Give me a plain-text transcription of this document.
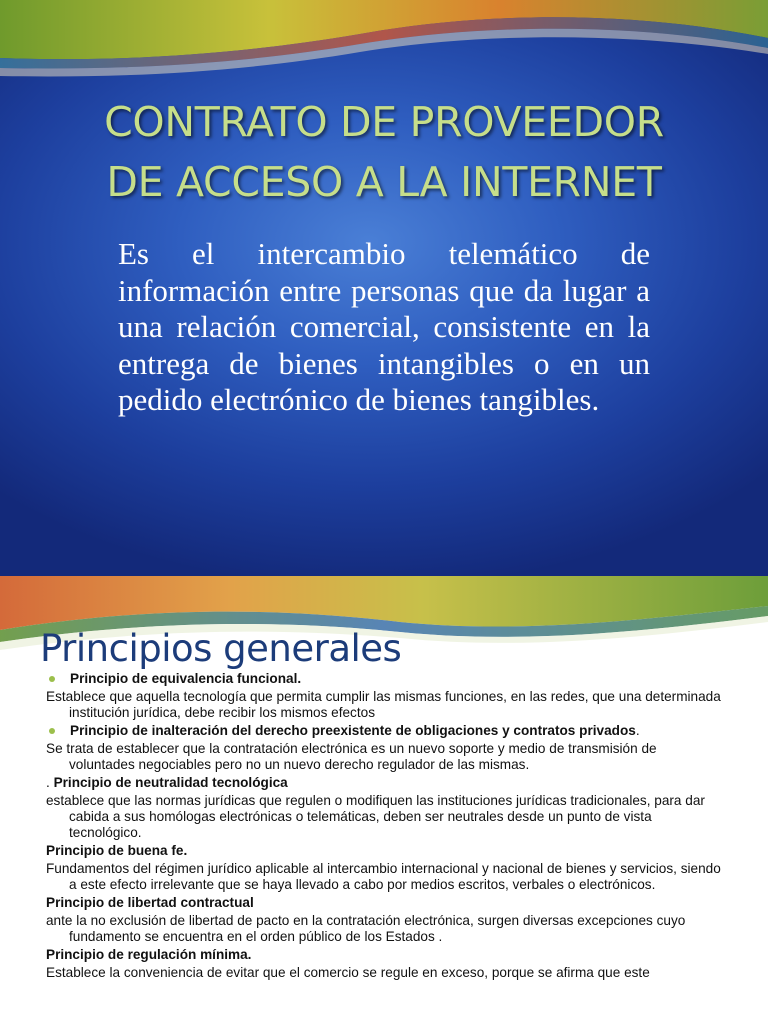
CONTRATO DE PROVEEDOR
DE ACCESO A LA INTERNET

Es el intercambio telemático de información entre personas que da lugar a una relación comercial, consistente en la entrega de bienes intangibles o en un pedido electrónico de bienes tangibles.

Principios generales
Principio de equivalencia funcional.
Establece que aquella tecnología que permita cumplir las mismas funciones, en las redes, que una determinada institución jurídica, debe recibir los mismos efectos
Principio de inalteración del derecho preexistente de obligaciones y contratos privados.
Se trata de establecer que la contratación electrónica es un nuevo soporte y medio de transmisión de voluntades negociables pero no un nuevo derecho regulador de las mismas.
. Principio de neutralidad tecnológica
establece que las normas jurídicas que regulen o modifiquen las instituciones jurídicas tradicionales, para dar cabida a sus homólogas electrónicas o telemáticas, deben ser neutrales desde un punto de vista tecnológico.
Principio de buena fe.
Fundamentos del régimen jurídico aplicable al intercambio internacional y nacional de bienes y servicios, siendo a este efecto irrelevante que se haya llevado a cabo por medios escritos, verbales o electrónicos.
Principio de libertad contractual
ante la no exclusión de libertad de pacto en la contratación electrónica, surgen diversas excepciones cuyo fundamento se encuentra en el orden público de los Estados .
Principio de regulación mínima.
Establece la conveniencia de evitar que el comercio se regule en exceso, porque se afirma que este
